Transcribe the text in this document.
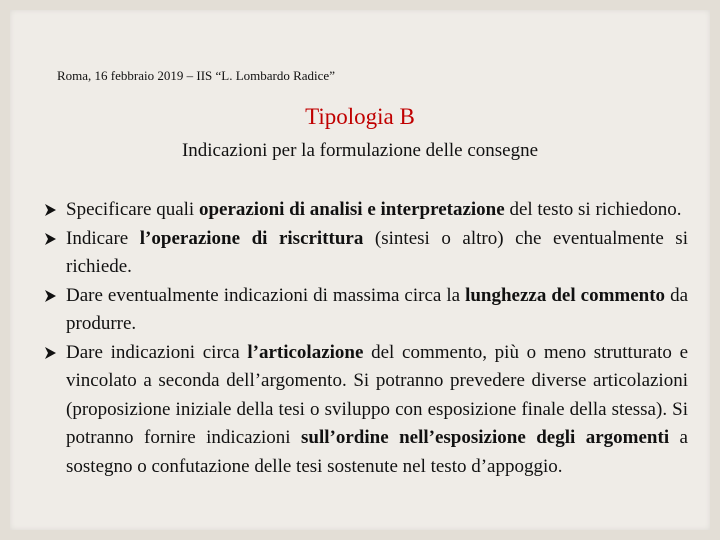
Roma, 16 febbraio 2019 – IIS “L. Lombardo Radice”
Tipologia B
Indicazioni per la formulazione delle consegne
Specificare quali operazioni di analisi e interpretazione del testo si richiedono.
Indicare l’operazione di riscrittura (sintesi o altro) che eventualmente si richiede.
Dare eventualmente indicazioni di massima circa la lunghezza del commento da produrre.
Dare indicazioni circa l’articolazione del commento, più o meno strutturato e vincolato a seconda dell’argomento. Si potranno prevedere diverse articolazioni (proposizione iniziale della tesi o sviluppo con esposizione finale della stessa). Si potranno fornire indicazioni sull’ordine nell’esposizione degli argomenti a sostegno o confutazione delle tesi sostenute nel testo d’appoggio.
